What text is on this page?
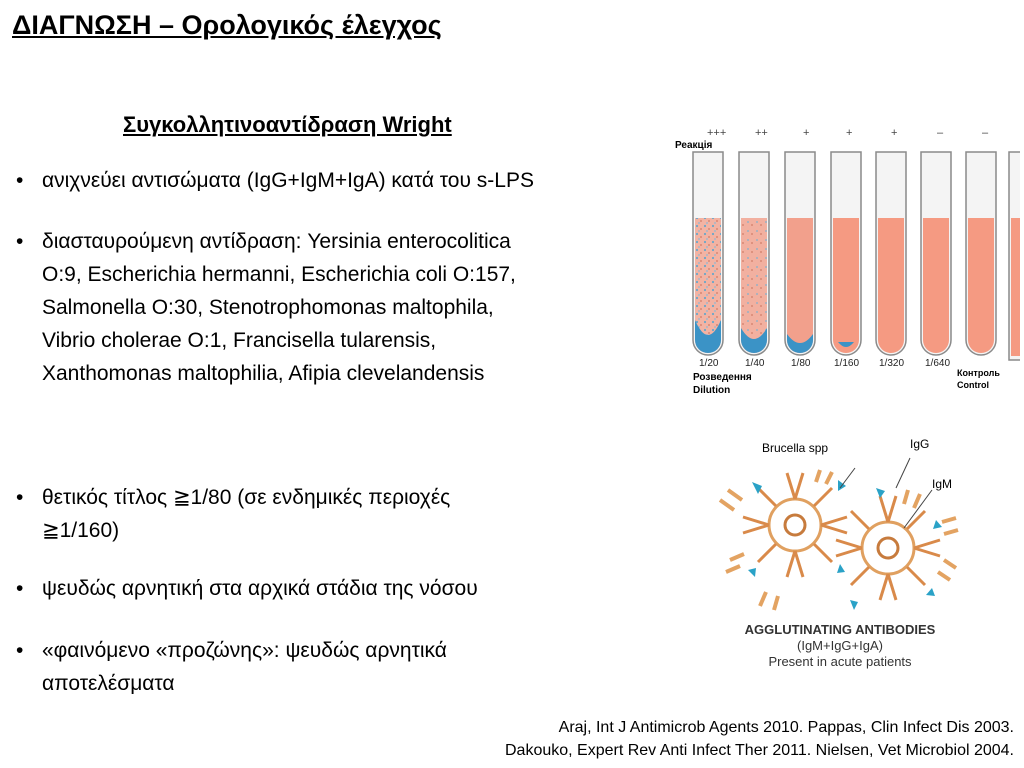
ΔΙΑΓΝΩΣΗ – Ορολογικός έλεγχος
Συγκολλητινοαντίδραση Wright
• ανιχνεύει αντισώματα (IgG+IgM+IgA) κατά του s-LPS
• διασταυρούμενη αντίδραση: Yersinia enterocolitica
O:9, Escherichia hermanni, Escherichia coli O:157,
Salmonella O:30, Stenotrophomonas maltophila,
Vibrio cholerae O:1, Francisella tularensis,
Xanthomonas maltophilia, Afipia clevelandensis
• θετικός τίτλος ≧1/80 (σε ενδημικές περιοχές
≧1/160)
• ψευδώς αρνητική στα αρχικά στάδια της νόσου
• «φαινόμενο «προζώνης»: ψευδώς αρνητικά
αποτελέσματα
Реакція
+++	++	+	+	+	–	–
1/20	1/40	1/80 1/160 1/320 1/640
Розведення
Dilution
Контроль
Control
Brucella spp	IgG
IgM
AGGLUTINATING ANTIBODIES
(IgM+IgG+IgA)
Present in acute patients
Araj, Int J Antimicrob Agents 2010. Pappas, Clin Infect Dis 2003.
Dakouko, Expert Rev Anti Infect Ther 2011. Nielsen, Vet Microbiol 2004.
